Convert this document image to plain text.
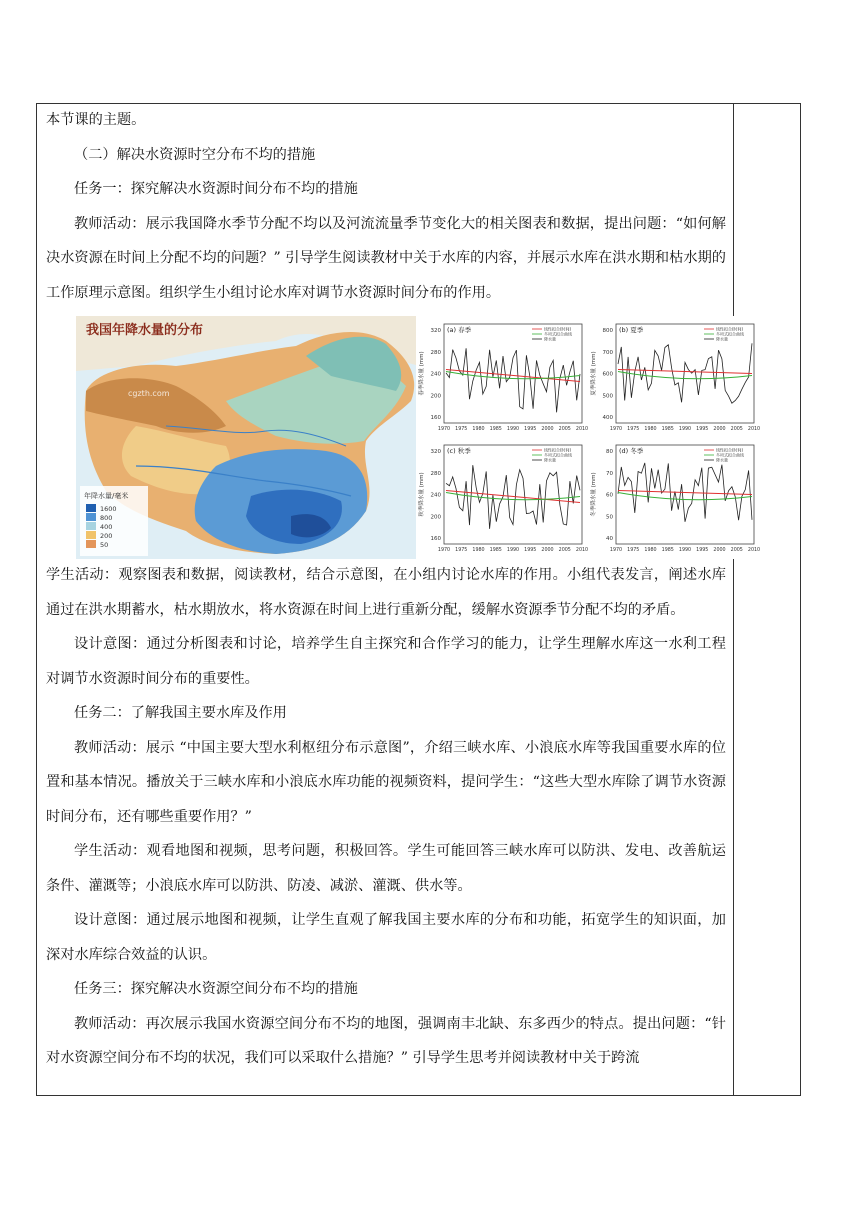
本节课的主题。

（二）解决水资源时空分布不均的措施

任务一：探究解决水资源时间分布不均的措施

教师活动：展示我国降水季节分配不均以及河流流量季节变化大的相关图表和数据，提出问题：“如何解决水资源在时间上分配不均的问题？” 引导学生阅读教材中关于水库的内容，并展示水库在洪水期和枯水期的工作原理示意图。组织学生小组讨论水库对调节水资源时间分布的作用。

年降水量/毫米
1600
800
400
200
50
我国年降水量的分布
cgzth.com
(a) 春季
320
280
240
200
160
春季降水量 (mm)
1970 1975 1980 1985 1990 1995 2000 2005 2010
线性拟合(时间)
多项式拟合曲线
降水量
(b) 夏季
800
700
600
500
400
夏季降水量 (mm)
1970 1975 1980 1985 1990 1995 2000 2005 2010
线性拟合(时间)
多项式拟合曲线
降水量
(c) 秋季
320
280
240
200
160
秋季降水量 (mm)
1970 1975 1980 1985 1990 1995 2000 2005 2010
线性拟合(时间)
多项式拟合曲线
降水量
(d) 冬季
80
70
60
50
40
冬季降水量 (mm)
1970 1975 1980 1985 1990 1995 2000 2005 2010
线性拟合(时间)
多项式拟合曲线
降水量

学生活动：观察图表和数据，阅读教材，结合示意图，在小组内讨论水库的作用。小组代表发言，阐述水库通过在洪水期蓄水，枯水期放水，将水资源在时间上进行重新分配，缓解水资源季节分配不均的矛盾。

设计意图：通过分析图表和讨论，培养学生自主探究和合作学习的能力，让学生理解水库这一水利工程对调节水资源时间分布的重要性。

任务二：了解我国主要水库及作用

教师活动：展示 “中国主要大型水利枢纽分布示意图”，介绍三峡水库、小浪底水库等我国重要水库的位置和基本情况。播放关于三峡水库和小浪底水库功能的视频资料，提问学生：“这些大型水库除了调节水资源时间分布，还有哪些重要作用？”

学生活动：观看地图和视频，思考问题，积极回答。学生可能回答三峡水库可以防洪、发电、改善航运条件、灌溉等；小浪底水库可以防洪、防凌、减淤、灌溉、供水等。

设计意图：通过展示地图和视频，让学生直观了解我国主要水库的分布和功能，拓宽学生的知识面，加深对水库综合效益的认识。

任务三：探究解决水资源空间分布不均的措施

教师活动：再次展示我国水资源空间分布不均的地图，强调南丰北缺、东多西少的特点。提出问题：“针对水资源空间分布不均的状况，我们可以采取什么措施？” 引导学生思考并阅读教材中关于跨流
